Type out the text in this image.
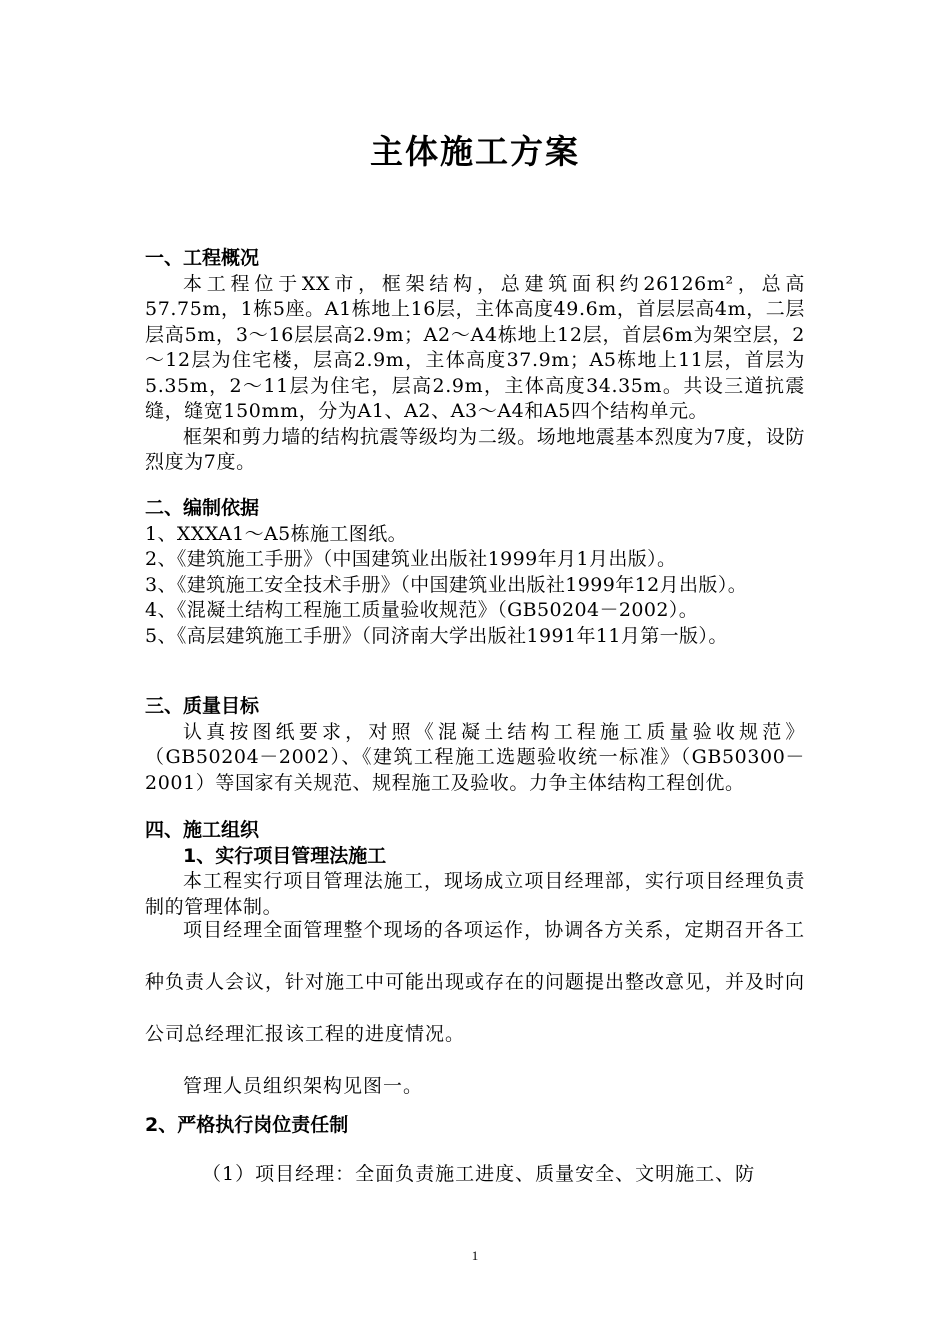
主体施工方案
一、工程概况
本工程位于XX市，框架结构，总建筑面积约26126m²，总高57.75m，1栋5座。A1栋地上16层，主体高度49.6m，首层层高4m，二层层高5m，3～16层层高2.9m；A2～A4栋地上12层，首层6m为架空层，2～12层为住宅楼，层高2.9m，主体高度37.9m；A5栋地上11层，首层为5.35m，2～11层为住宅，层高2.9m，主体高度34.35m。共设三道抗震缝，缝宽150mm，分为A1、A2、A3～A4和A5四个结构单元。
框架和剪力墙的结构抗震等级均为二级。场地地震基本烈度为7度，设防烈度为7度。
二、编制依据
1、XXXA1～A5栋施工图纸。
2、《建筑施工手册》（中国建筑业出版社1999年月1月出版）。
3、《建筑施工安全技术手册》（中国建筑业出版社1999年12月出版）。
4、《混凝土结构工程施工质量验收规范》（GB50204－2002）。
5、《高层建筑施工手册》（同济南大学出版社1991年11月第一版）。
三、质量目标
认真按图纸要求，对照《混凝土结构工程施工质量验收规范》（GB50204－2002）、《建筑工程施工选题验收统一标准》（GB50300－2001）等国家有关规范、规程施工及验收。力争主体结构工程创优。
四、施工组织
1、实行项目管理法施工
本工程实行项目管理法施工，现场成立项目经理部，实行项目经理负责制的管理体制。
项目经理全面管理整个现场的各项运作，协调各方关系，定期召开各工种负责人会议，针对施工中可能出现或存在的问题提出整改意见，并及时向公司总经理汇报该工程的进度情况。
管理人员组织架构见图一。
2、严格执行岗位责任制
（1）项目经理：全面负责施工进度、质量安全、文明施工、防
1
